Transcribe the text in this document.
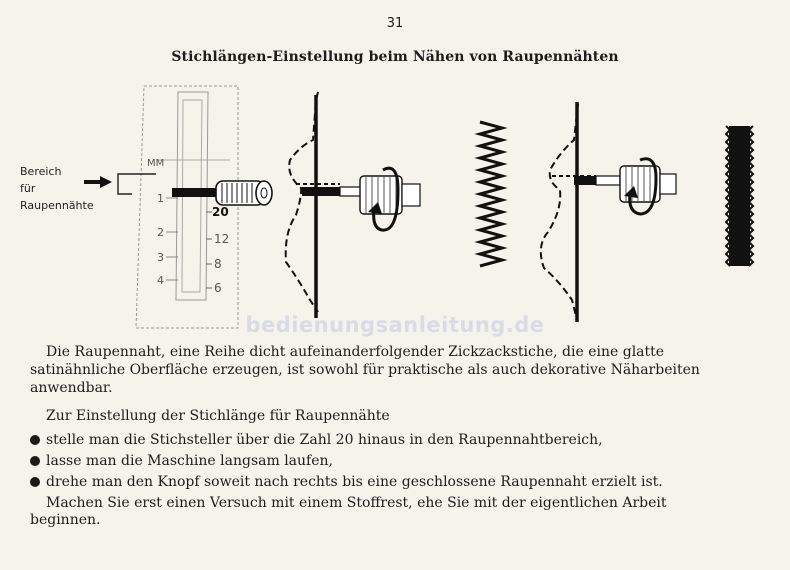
31
Stichlängen-Einstellung beim Nähen von Raupennähten
Bereich
für
Raupennähte
MM
1
2
3
4
20
12
8
6
bedienungsanleitung.de
Die Raupennaht, eine Reihe dicht aufeinanderfolgender Zickzackstiche, die eine glatte
satinähnliche Oberfläche erzeugen, ist sowohl für praktische als auch dekorative Näharbeiten
anwendbar.
Zur Einstellung der Stichlänge für Raupennähte
stelle man die Stichsteller über die Zahl 20 hinaus in den Raupennahtbereich,
lasse man die Maschine langsam laufen,
drehe man den Knopf soweit nach rechts bis eine geschlossene Raupennaht erzielt ist.
Machen Sie erst einen Versuch mit einem Stoffrest, ehe Sie mit der eigentlichen Arbeit
beginnen.
